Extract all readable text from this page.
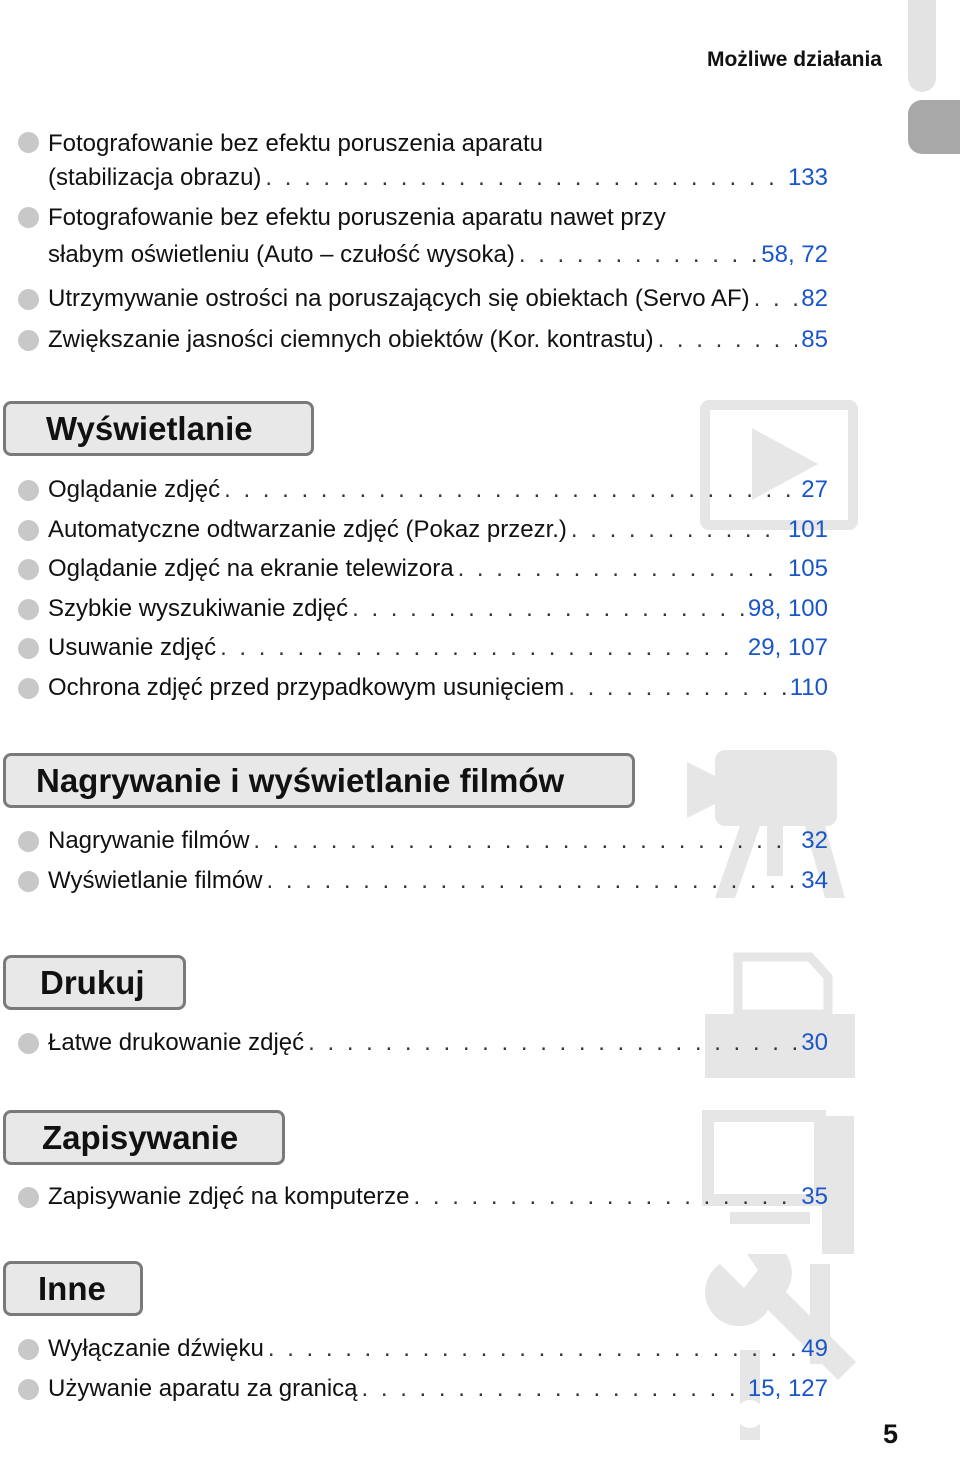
Możliwe działania
Fotografowanie bez efektu poruszenia aparatu
(stabilizacja obrazu) . . .	133
Fotografowanie bez efektu poruszenia aparatu nawet przy
słabym oświetleniu (Auto – czułość wysoka) . . .	58, 72
Utrzymywanie ostrości na poruszających się obiektach (Servo AF) . . . 82
Zwiększanie jasności ciemnych obiektów (Kor. kontrastu) . . .	85
Wyświetlanie
Oglądanie zdjęć . . .	27
Automatyczne odtwarzanie zdjęć (Pokaz przezr.) . . .	101
Oglądanie zdjęć na ekranie telewizora . . .	105
Szybkie wyszukiwanie zdjęć . . .	98, 100
Usuwanie zdjęć . . .	29, 107
Ochrona zdjęć przed przypadkowym usunięciem . . .	110
Nagrywanie i wyświetlanie filmów
Nagrywanie filmów . . .	32
Wyświetlanie filmów . . .	34
Drukuj
Łatwe drukowanie zdjęć . . .	30
Zapisywanie
Zapisywanie zdjęć na komputerze . . .	35
Inne
Wyłączanie dźwięku . . .	49
Używanie aparatu za granicą . . .	15, 127
5
